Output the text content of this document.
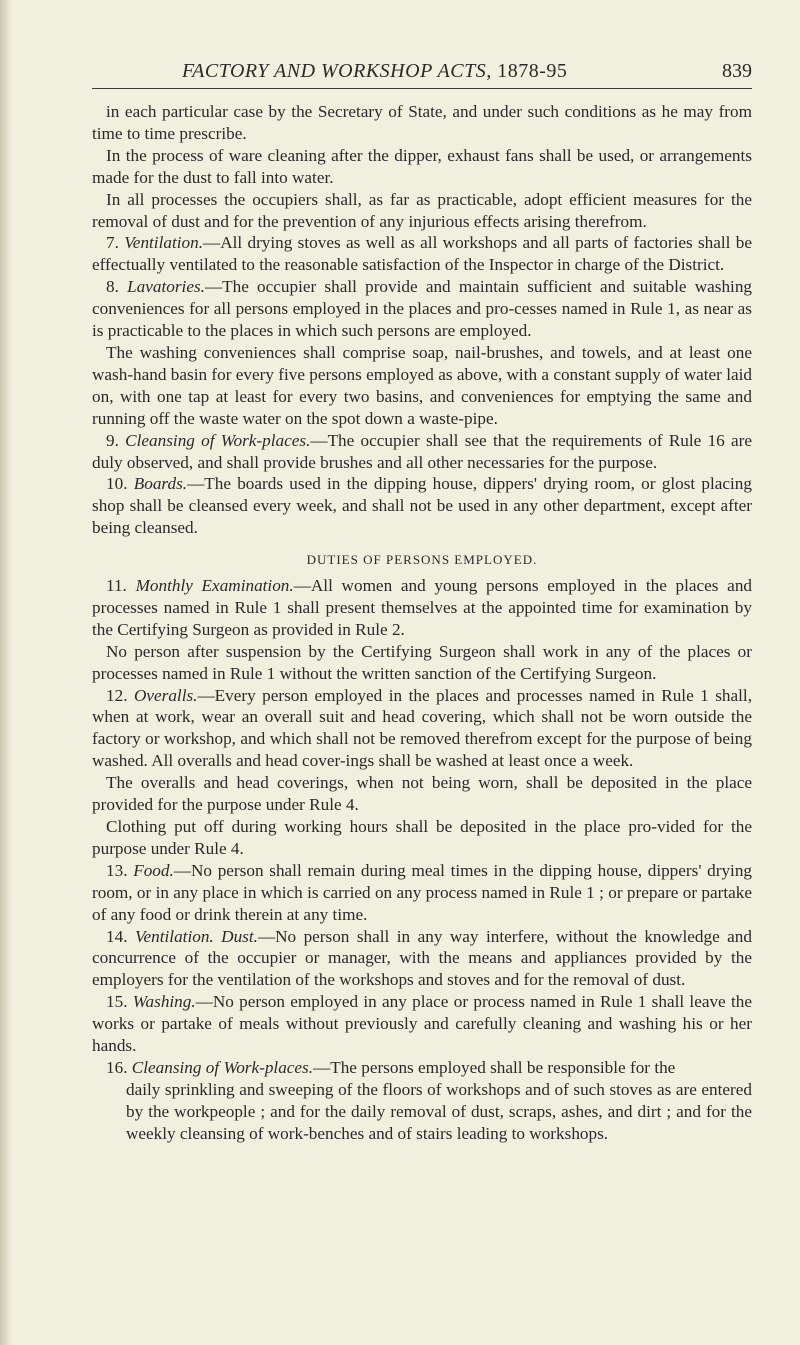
FACTORY AND WORKSHOP ACTS, 1878-95	839

in each particular case by the Secretary of State, and under such conditions as he may from time to time prescribe.

In the process of ware cleaning after the dipper, exhaust fans shall be used, or arrangements made for the dust to fall into water.

In all processes the occupiers shall, as far as practicable, adopt efficient measures for the removal of dust and for the prevention of any injurious effects arising therefrom.

7. Ventilation.—All drying stoves as well as all workshops and all parts of factories shall be effectually ventilated to the reasonable satisfaction of the Inspector in charge of the District.

8. Lavatories.—The occupier shall provide and maintain sufficient and suitable washing conveniences for all persons employed in the places and pro-cesses named in Rule 1, as near as is practicable to the places in which such persons are employed.

The washing conveniences shall comprise soap, nail-brushes, and towels, and at least one wash-hand basin for every five persons employed as above, with a constant supply of water laid on, with one tap at least for every two basins, and conveniences for emptying the same and running off the waste water on the spot down a waste-pipe.

9. Cleansing of Work-places.—The occupier shall see that the requirements of Rule 16 are duly observed, and shall provide brushes and all other necessaries for the purpose.

10. Boards.—The boards used in the dipping house, dippers' drying room, or glost placing shop shall be cleansed every week, and shall not be used in any other department, except after being cleansed.

DUTIES OF PERSONS EMPLOYED.

11. Monthly Examination.—All women and young persons employed in the places and processes named in Rule 1 shall present themselves at the appointed time for examination by the Certifying Surgeon as provided in Rule 2.

No person after suspension by the Certifying Surgeon shall work in any of the places or processes named in Rule 1 without the written sanction of the Certifying Surgeon.

12. Overalls.—Every person employed in the places and processes named in Rule 1 shall, when at work, wear an overall suit and head covering, which shall not be worn outside the factory or workshop, and which shall not be removed therefrom except for the purpose of being washed. All overalls and head cover-ings shall be washed at least once a week.

The overalls and head coverings, when not being worn, shall be deposited in the place provided for the purpose under Rule 4.

Clothing put off during working hours shall be deposited in the place pro-vided for the purpose under Rule 4.

13. Food.—No person shall remain during meal times in the dipping house, dippers' drying room, or in any place in which is carried on any process named in Rule 1 ; or prepare or partake of any food or drink therein at any time.

14. Ventilation. Dust.—No person shall in any way interfere, without the knowledge and concurrence of the occupier or manager, with the means and appliances provided by the employers for the ventilation of the workshops and stoves and for the removal of dust.

15. Washing.—No person employed in any place or process named in Rule 1 shall leave the works or partake of meals without previously and carefully cleaning and washing his or her hands.

16. Cleansing of Work-places.—The persons employed shall be responsible for the

daily sprinkling and sweeping of the floors of workshops and of such stoves as are entered by the workpeople ; and for the daily removal of dust, scraps, ashes, and dirt ; and for the weekly cleansing of work-benches and of stairs leading to workshops.
